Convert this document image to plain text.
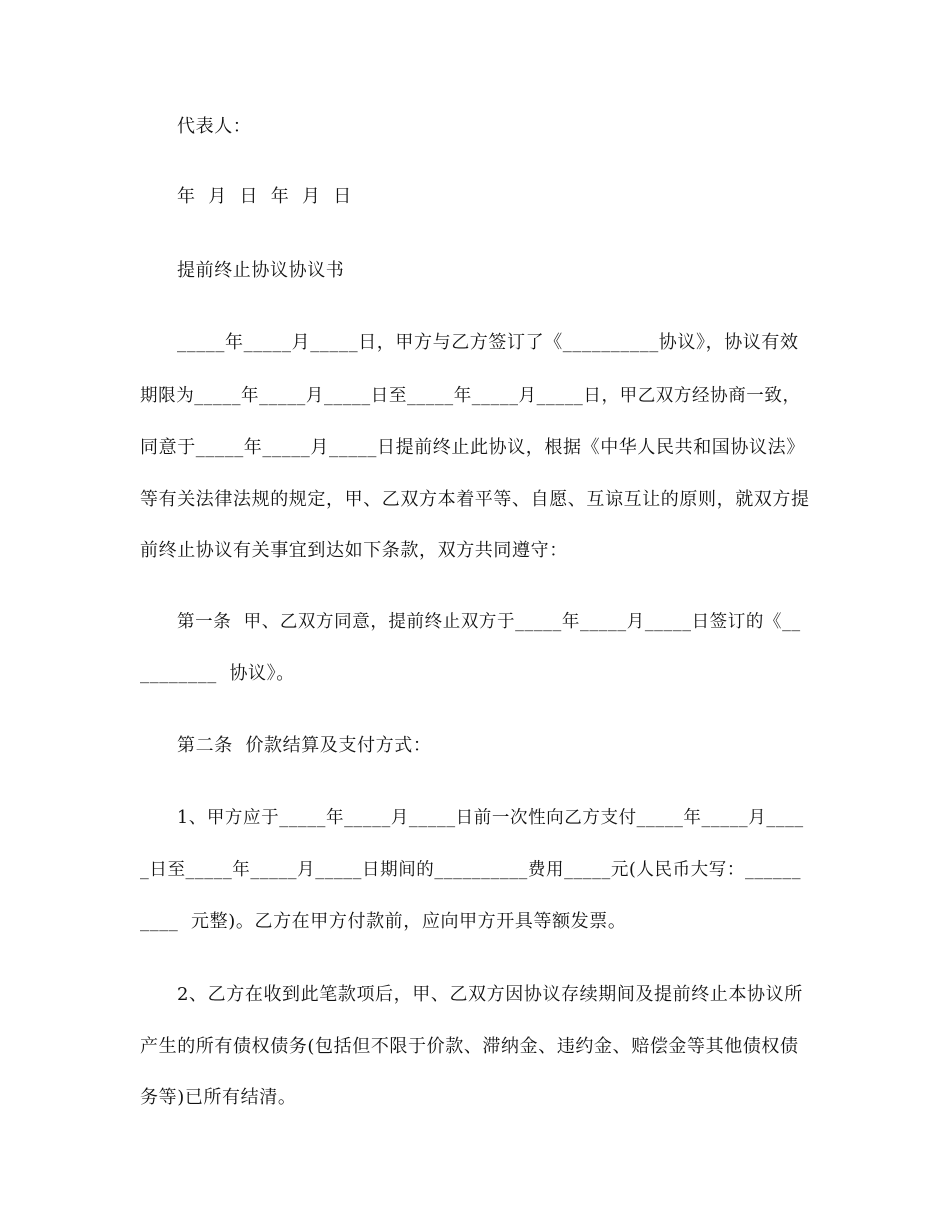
代表人：
年  月  日  年  月  日
提前终止协议协议书
_____年_____月_____日，甲方与乙方签订了《__________协议》，协议有效
期限为_____年_____月_____日至_____年_____月_____日，甲乙双方经协商一致，
同意于_____年_____月_____日提前终止此协议，根据《中华人民共和国协议法》
等有关法律法规的规定，甲、乙双方本着平等、自愿、互谅互让的原则，就双方提
前终止协议有关事宜到达如下条款，双方共同遵守：
第一条  甲、乙双方同意，提前终止双方于_____年_____月_____日签订的《__
________  协议》。
第二条  价款结算及支付方式：
1、甲方应于_____年_____月_____日前一次性向乙方支付_____年_____月____
_日至_____年_____月_____日期间的__________费用_____元(人民币大写：______
____  元整)。乙方在甲方付款前，应向甲方开具等额发票。
2、乙方在收到此笔款项后，甲、乙双方因协议存续期间及提前终止本协议所
产生的所有债权债务(包括但不限于价款、滞纳金、违约金、赔偿金等其他债权债
务等)已所有结清。
